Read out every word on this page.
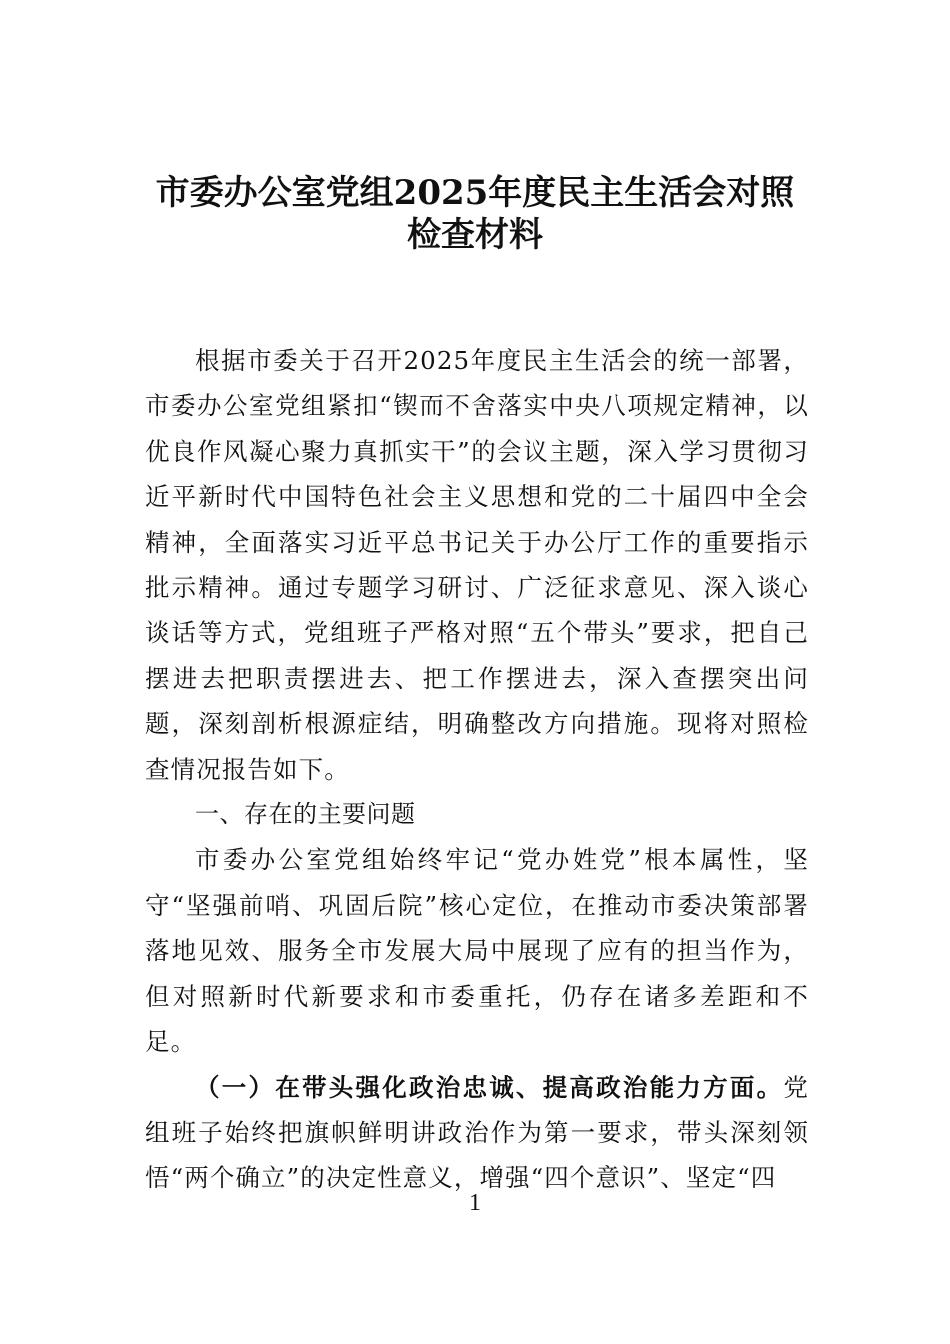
市委办公室党组2025年度民主生活会对照
检查材料

根据市委关于召开2025年度民主生活会的统一部署，市委办公室党组紧扣“锲而不舍落实中央八项规定精神，以优良作风凝心聚力真抓实干”的会议主题，深入学习贯彻习近平新时代中国特色社会主义思想和党的二十届四中全会精神，全面落实习近平总书记关于办公厅工作的重要指示批示精神。通过专题学习研讨、广泛征求意见、深入谈心谈话等方式，党组班子严格对照“五个带头”要求，把自己摆进去把职责摆进去、把工作摆进去，深入查摆突出问题，深刻剖析根源症结，明确整改方向措施。现将对照检查情况报告如下。

一、存在的主要问题

市委办公室党组始终牢记“党办姓党”根本属性，坚守“坚强前哨、巩固后院”核心定位，在推动市委决策部署落地见效、服务全市发展大局中展现了应有的担当作为，但对照新时代新要求和市委重托，仍存在诸多差距和不足。

（一）在带头强化政治忠诚、提高政治能力方面。党组班子始终把旗帜鲜明讲政治作为第一要求，带头深刻领悟“两个确立”的决定性意义，增强“四个意识”、坚定“四

1
